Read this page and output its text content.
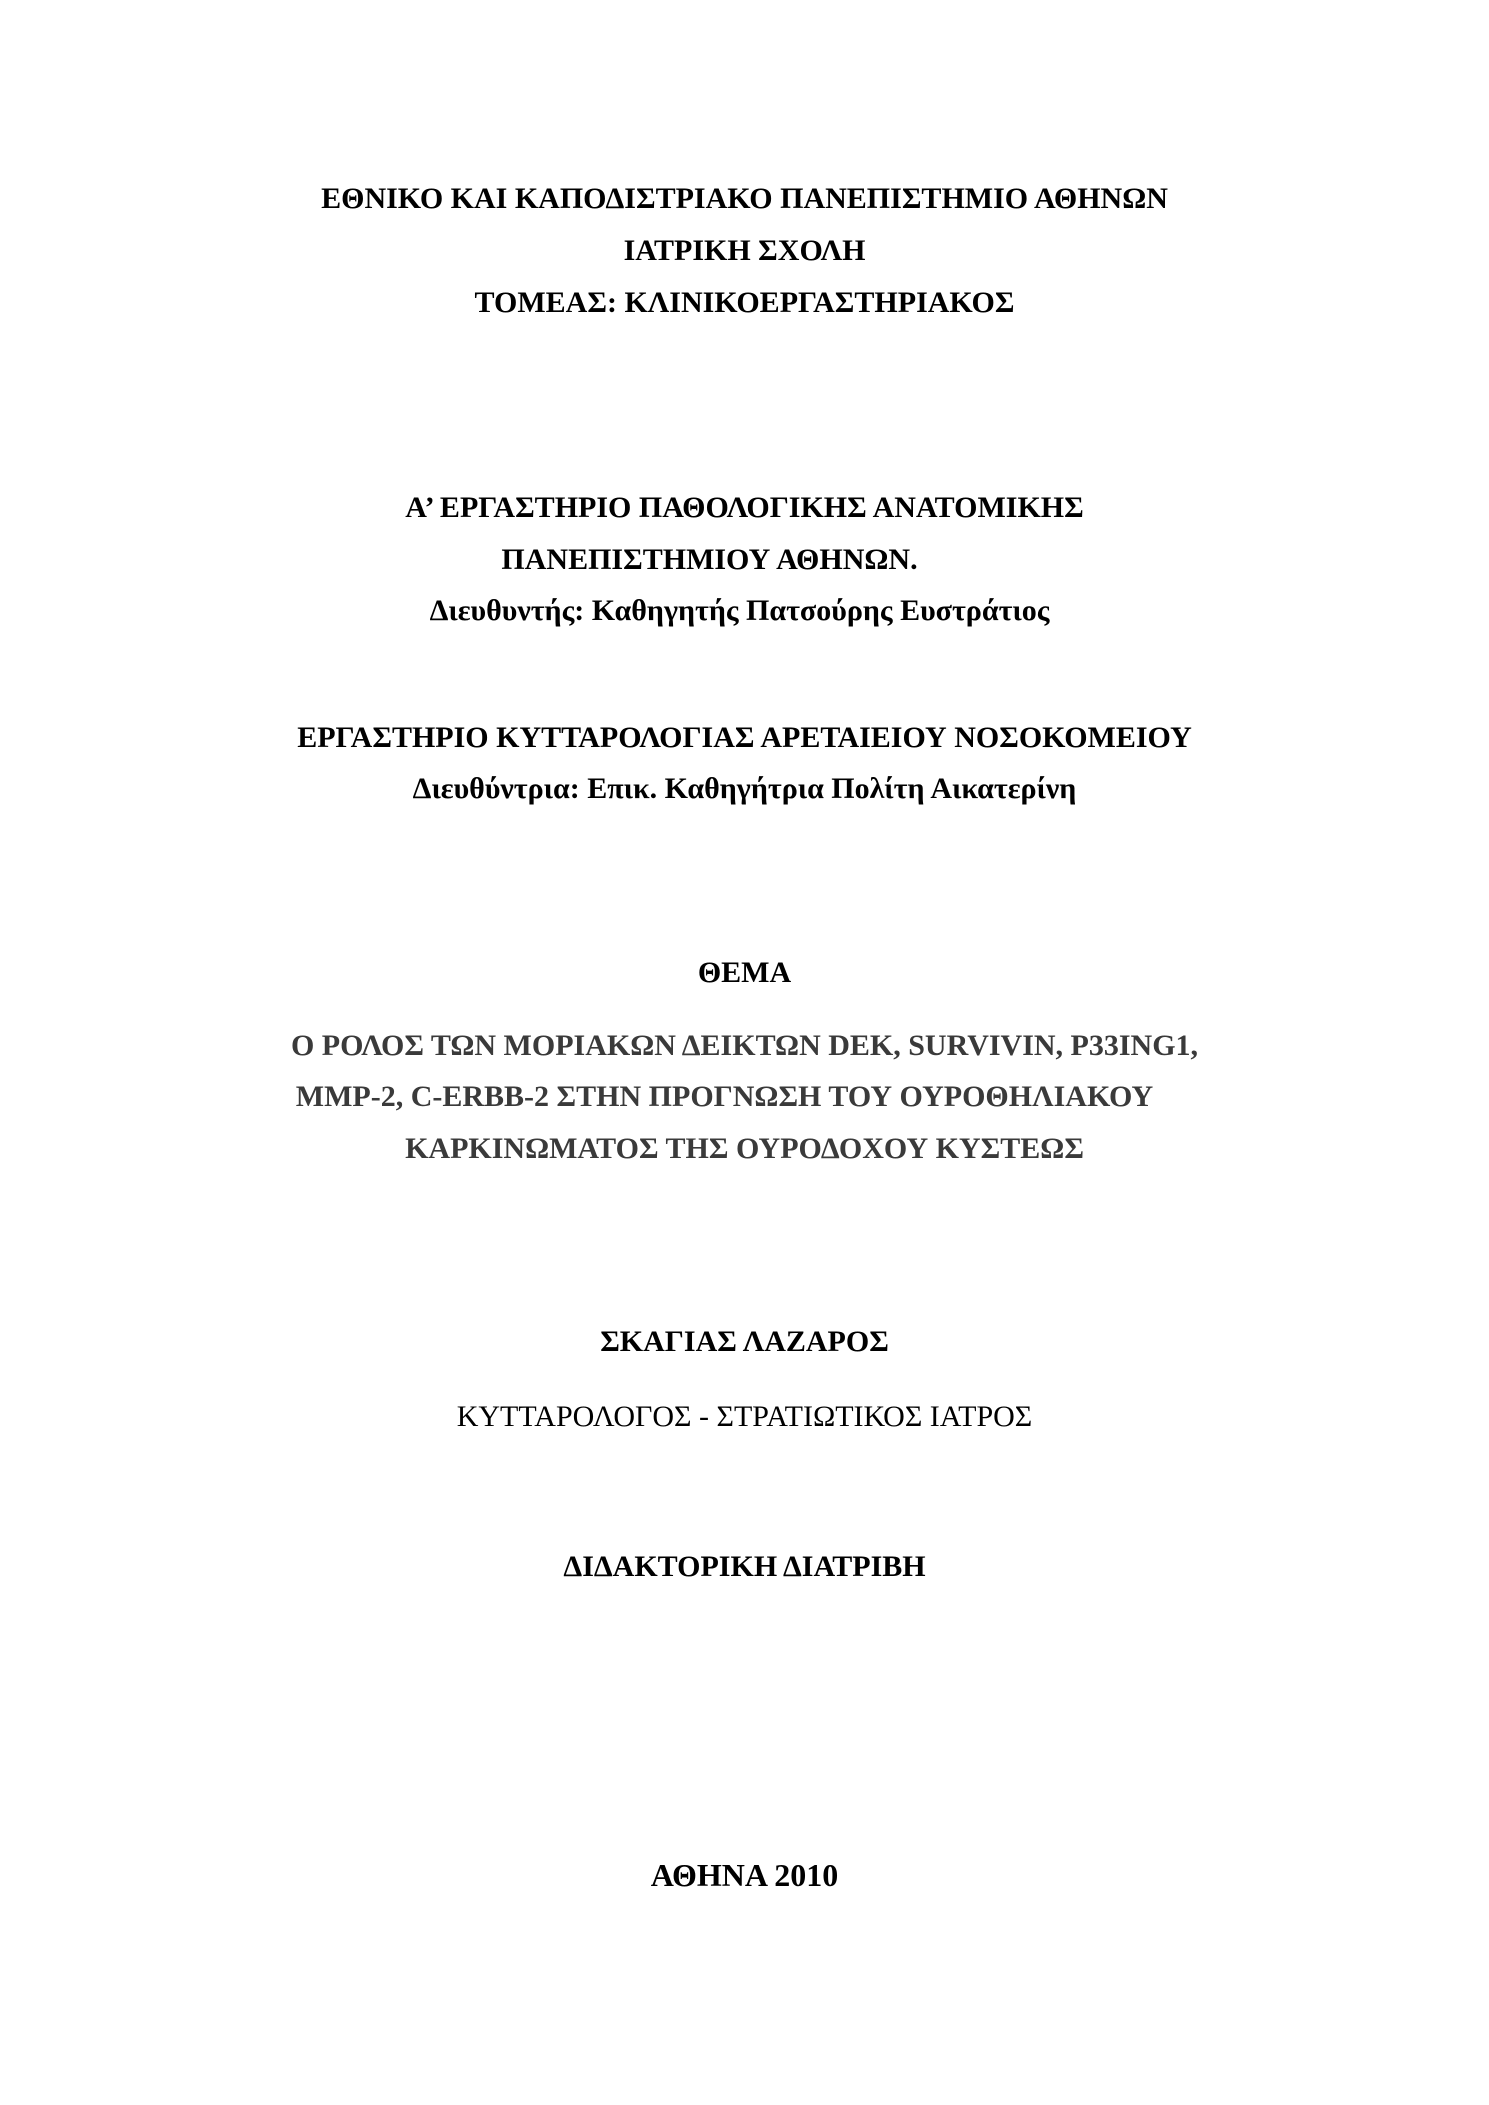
ΕΘΝΙΚΟ ΚΑΙ ΚΑΠΟΔΙΣΤΡΙΑΚΟ ΠΑΝΕΠΙΣΤΗΜΙΟ ΑΘΗΝΩΝ

ΙΑΤΡΙΚΗ ΣΧΟΛΗ

ΤΟΜΕΑΣ: ΚΛΙΝΙΚΟΕΡΓΑΣΤΗΡΙΑΚΟΣ

Α’ ΕΡΓΑΣΤΗΡΙΟ ΠΑΘΟΛΟΓΙΚΗΣ ΑΝΑΤΟΜΙΚΗΣ

ΠΑΝΕΠΙΣΤΗΜΙΟΥ ΑΘΗΝΩΝ.

Διευθυντής: Καθηγητής Πατσούρης Ευστράτιος

ΕΡΓΑΣΤΗΡΙΟ ΚΥΤΤΑΡΟΛΟΓΙΑΣ ΑΡΕΤΑΙΕΙΟΥ ΝΟΣΟΚΟΜΕΙΟΥ

Διευθύντρια: Επικ. Καθηγήτρια Πολίτη Αικατερίνη

ΘΕΜΑ

Ο ΡΟΛΟΣ ΤΩΝ ΜΟΡΙΑΚΩΝ ΔΕΙΚΤΩΝ DEK, SURVIVIN, P33ING1,

MMP-2, C-ERBB-2 ΣΤΗΝ ΠΡΟΓΝΩΣΗ ΤΟΥ ΟΥΡΟΘΗΛΙΑΚΟΥ

ΚΑΡΚΙΝΩΜΑΤΟΣ ΤΗΣ ΟΥΡΟΔΟΧΟΥ ΚΥΣΤΕΩΣ

ΣΚΑΓΙΑΣ ΛΑΖΑΡΟΣ

ΚΥΤΤΑΡΟΛΟΓΟΣ - ΣΤΡΑΤΙΩΤΙΚΟΣ ΙΑΤΡΟΣ

ΔΙΔΑΚΤΟΡΙΚΗ ΔΙΑΤΡΙΒΗ

ΑΘΗΝΑ 2010
